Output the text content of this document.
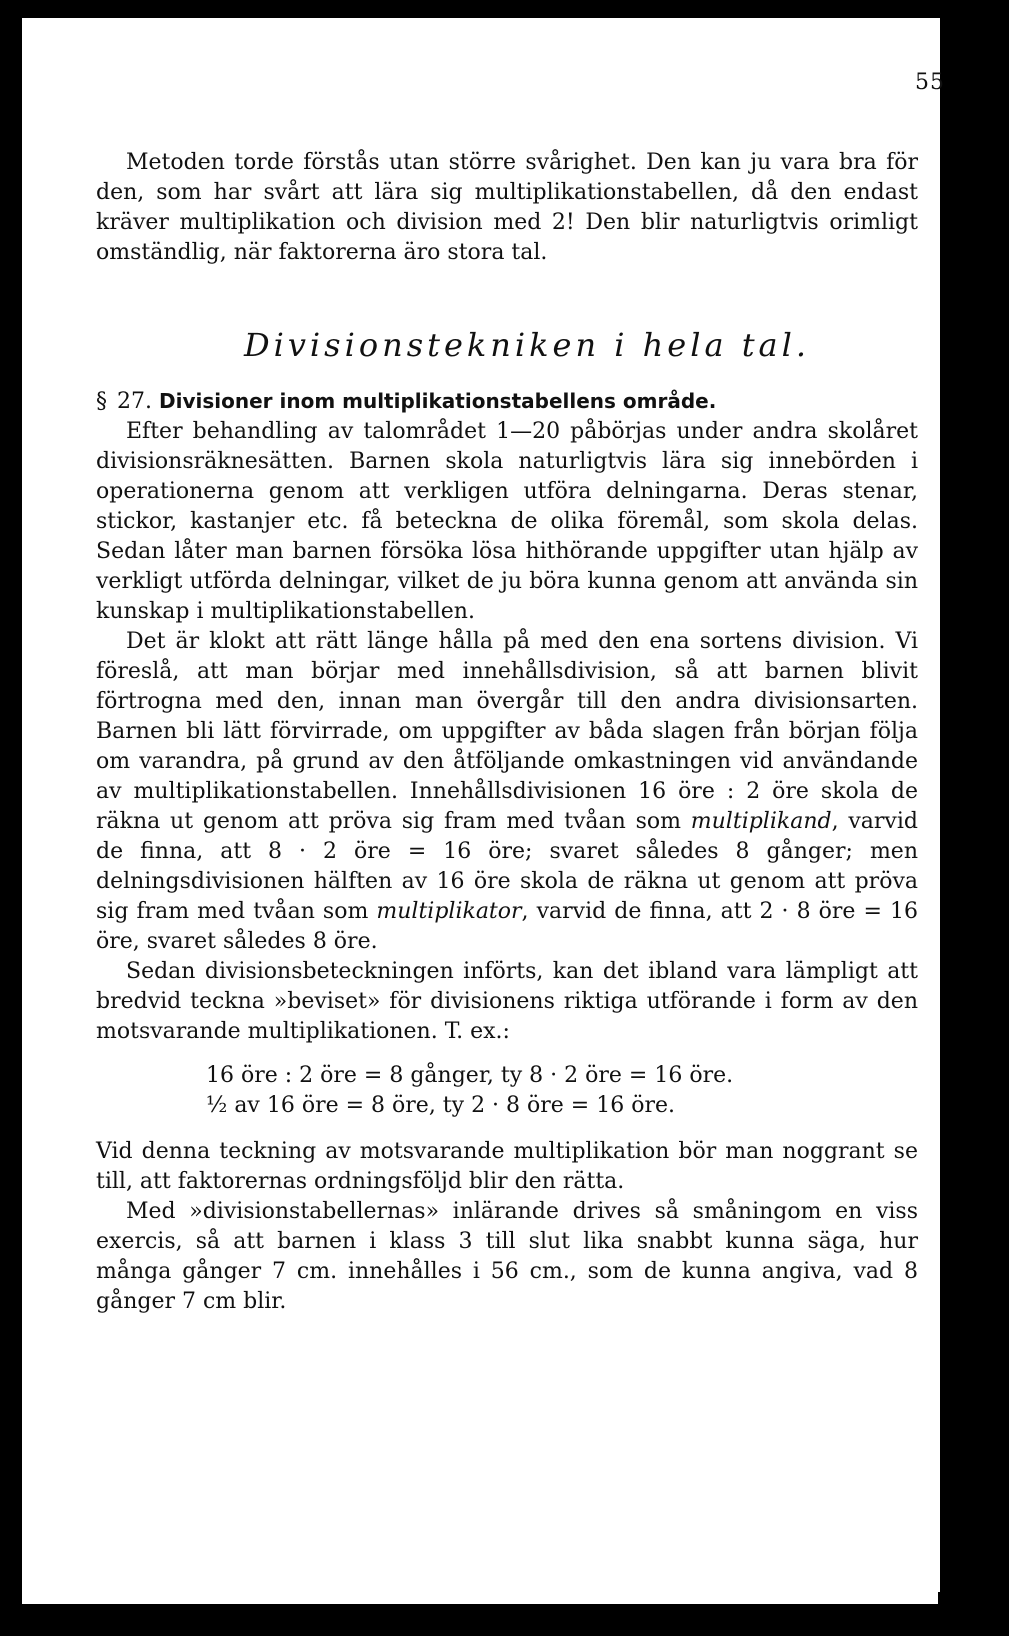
55

Metoden torde förstås utan större svårighet. Den kan ju vara bra för den, som har svårt att lära sig multiplikationstabellen, då den endast kräver multiplikation och division med 2! Den blir naturligtvis orimligt omständlig, när faktorerna äro stora tal.

Divisionstekniken i hela tal.

§ 27. Divisioner inom multiplikationstabellens område.

Efter behandling av talområdet 1—20 påbörjas under andra skolåret divisionsräknesätten. Barnen skola naturligtvis lära sig innebörden i operationerna genom att verkligen utföra delningarna. Deras stenar, stickor, kastanjer etc. få beteckna de olika föremål, som skola delas. Sedan låter man barnen försöka lösa hithörande uppgifter utan hjälp av verkligt utförda delningar, vilket de ju böra kunna genom att använda sin kunskap i multiplikationstabellen.

Det är klokt att rätt länge hålla på med den ena sortens division. Vi föreslå, att man börjar med innehållsdivision, så att barnen blivit förtrogna med den, innan man övergår till den andra divisionsarten. Barnen bli lätt förvirrade, om uppgifter av båda slagen från början följa om varandra, på grund av den åtföljande omkastningen vid användande av multiplikationstabellen. Innehållsdivisionen 16 öre : 2 öre skola de räkna ut genom att pröva sig fram med tvåan som multiplikand, varvid de finna, att 8 · 2 öre = 16 öre; svaret således 8 gånger; men delningsdivisionen hälften av 16 öre skola de räkna ut genom att pröva sig fram med tvåan som multiplikator, varvid de finna, att 2 · 8 öre = 16 öre, svaret således 8 öre.

Sedan divisionsbeteckningen införts, kan det ibland vara lämpligt att bredvid teckna »beviset» för divisionens riktiga utförande i form av den motsvarande multiplikationen. T. ex.:

16 öre : 2 öre = 8 gånger, ty 8 · 2 öre = 16 öre.

½ av 16 öre = 8 öre, ty 2 · 8 öre = 16 öre.

Vid denna teckning av motsvarande multiplikation bör man noggrant se till, att faktorernas ordningsföljd blir den rätta.

Med »divisionstabellernas» inlärande drives så småningom en viss exercis, så att barnen i klass 3 till slut lika snabbt kunna säga, hur många gånger 7 cm. innehålles i 56 cm., som de kunna angiva, vad 8 gånger 7 cm blir.
